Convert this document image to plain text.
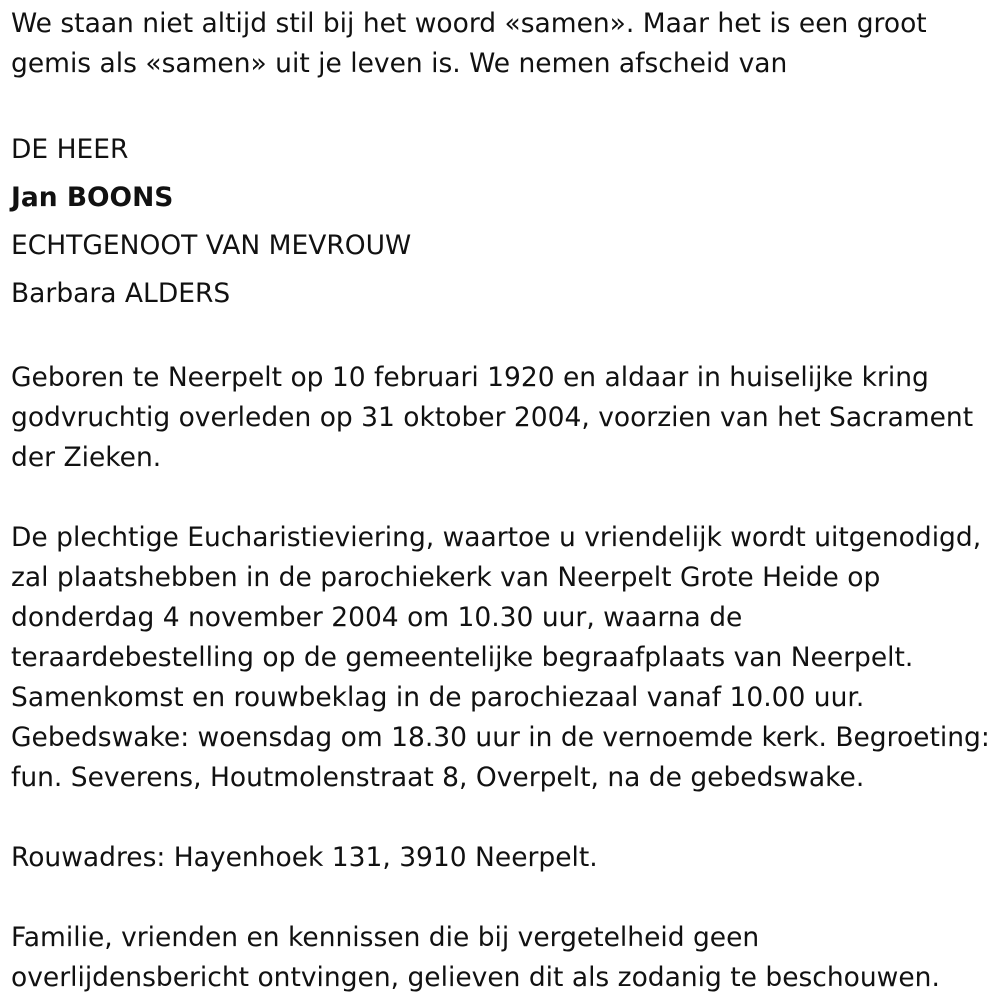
We staan niet altijd stil bij het woord «samen». Maar het is een groot

gemis als «samen» uit je leven is. We nemen afscheid van

DE HEER

Jan BOONS

ECHTGENOOT VAN MEVROUW

Barbara ALDERS

Geboren te Neerpelt op 10 februari 1920 en aldaar in huiselijke kring

godvruchtig overleden op 31 oktober 2004, voorzien van het Sacrament

der Zieken.

De plechtige Eucharistieviering, waartoe u vriendelijk wordt uitgenodigd,

zal plaatshebben in de parochiekerk van Neerpelt Grote Heide op

donderdag 4 november 2004 om 10.30 uur, waarna de

teraardebestelling op de gemeentelijke begraafplaats van Neerpelt.

Samenkomst en rouwbeklag in de parochiezaal vanaf 10.00 uur.

Gebedswake: woensdag om 18.30 uur in de vernoemde kerk. Begroeting:

fun. Severens, Houtmolenstraat 8, Overpelt, na de gebedswake.

Rouwadres: Hayenhoek 131, 3910 Neerpelt.

Familie, vrienden en kennissen die bij vergetelheid geen

overlijdensbericht ontvingen, gelieven dit als zodanig te beschouwen.
